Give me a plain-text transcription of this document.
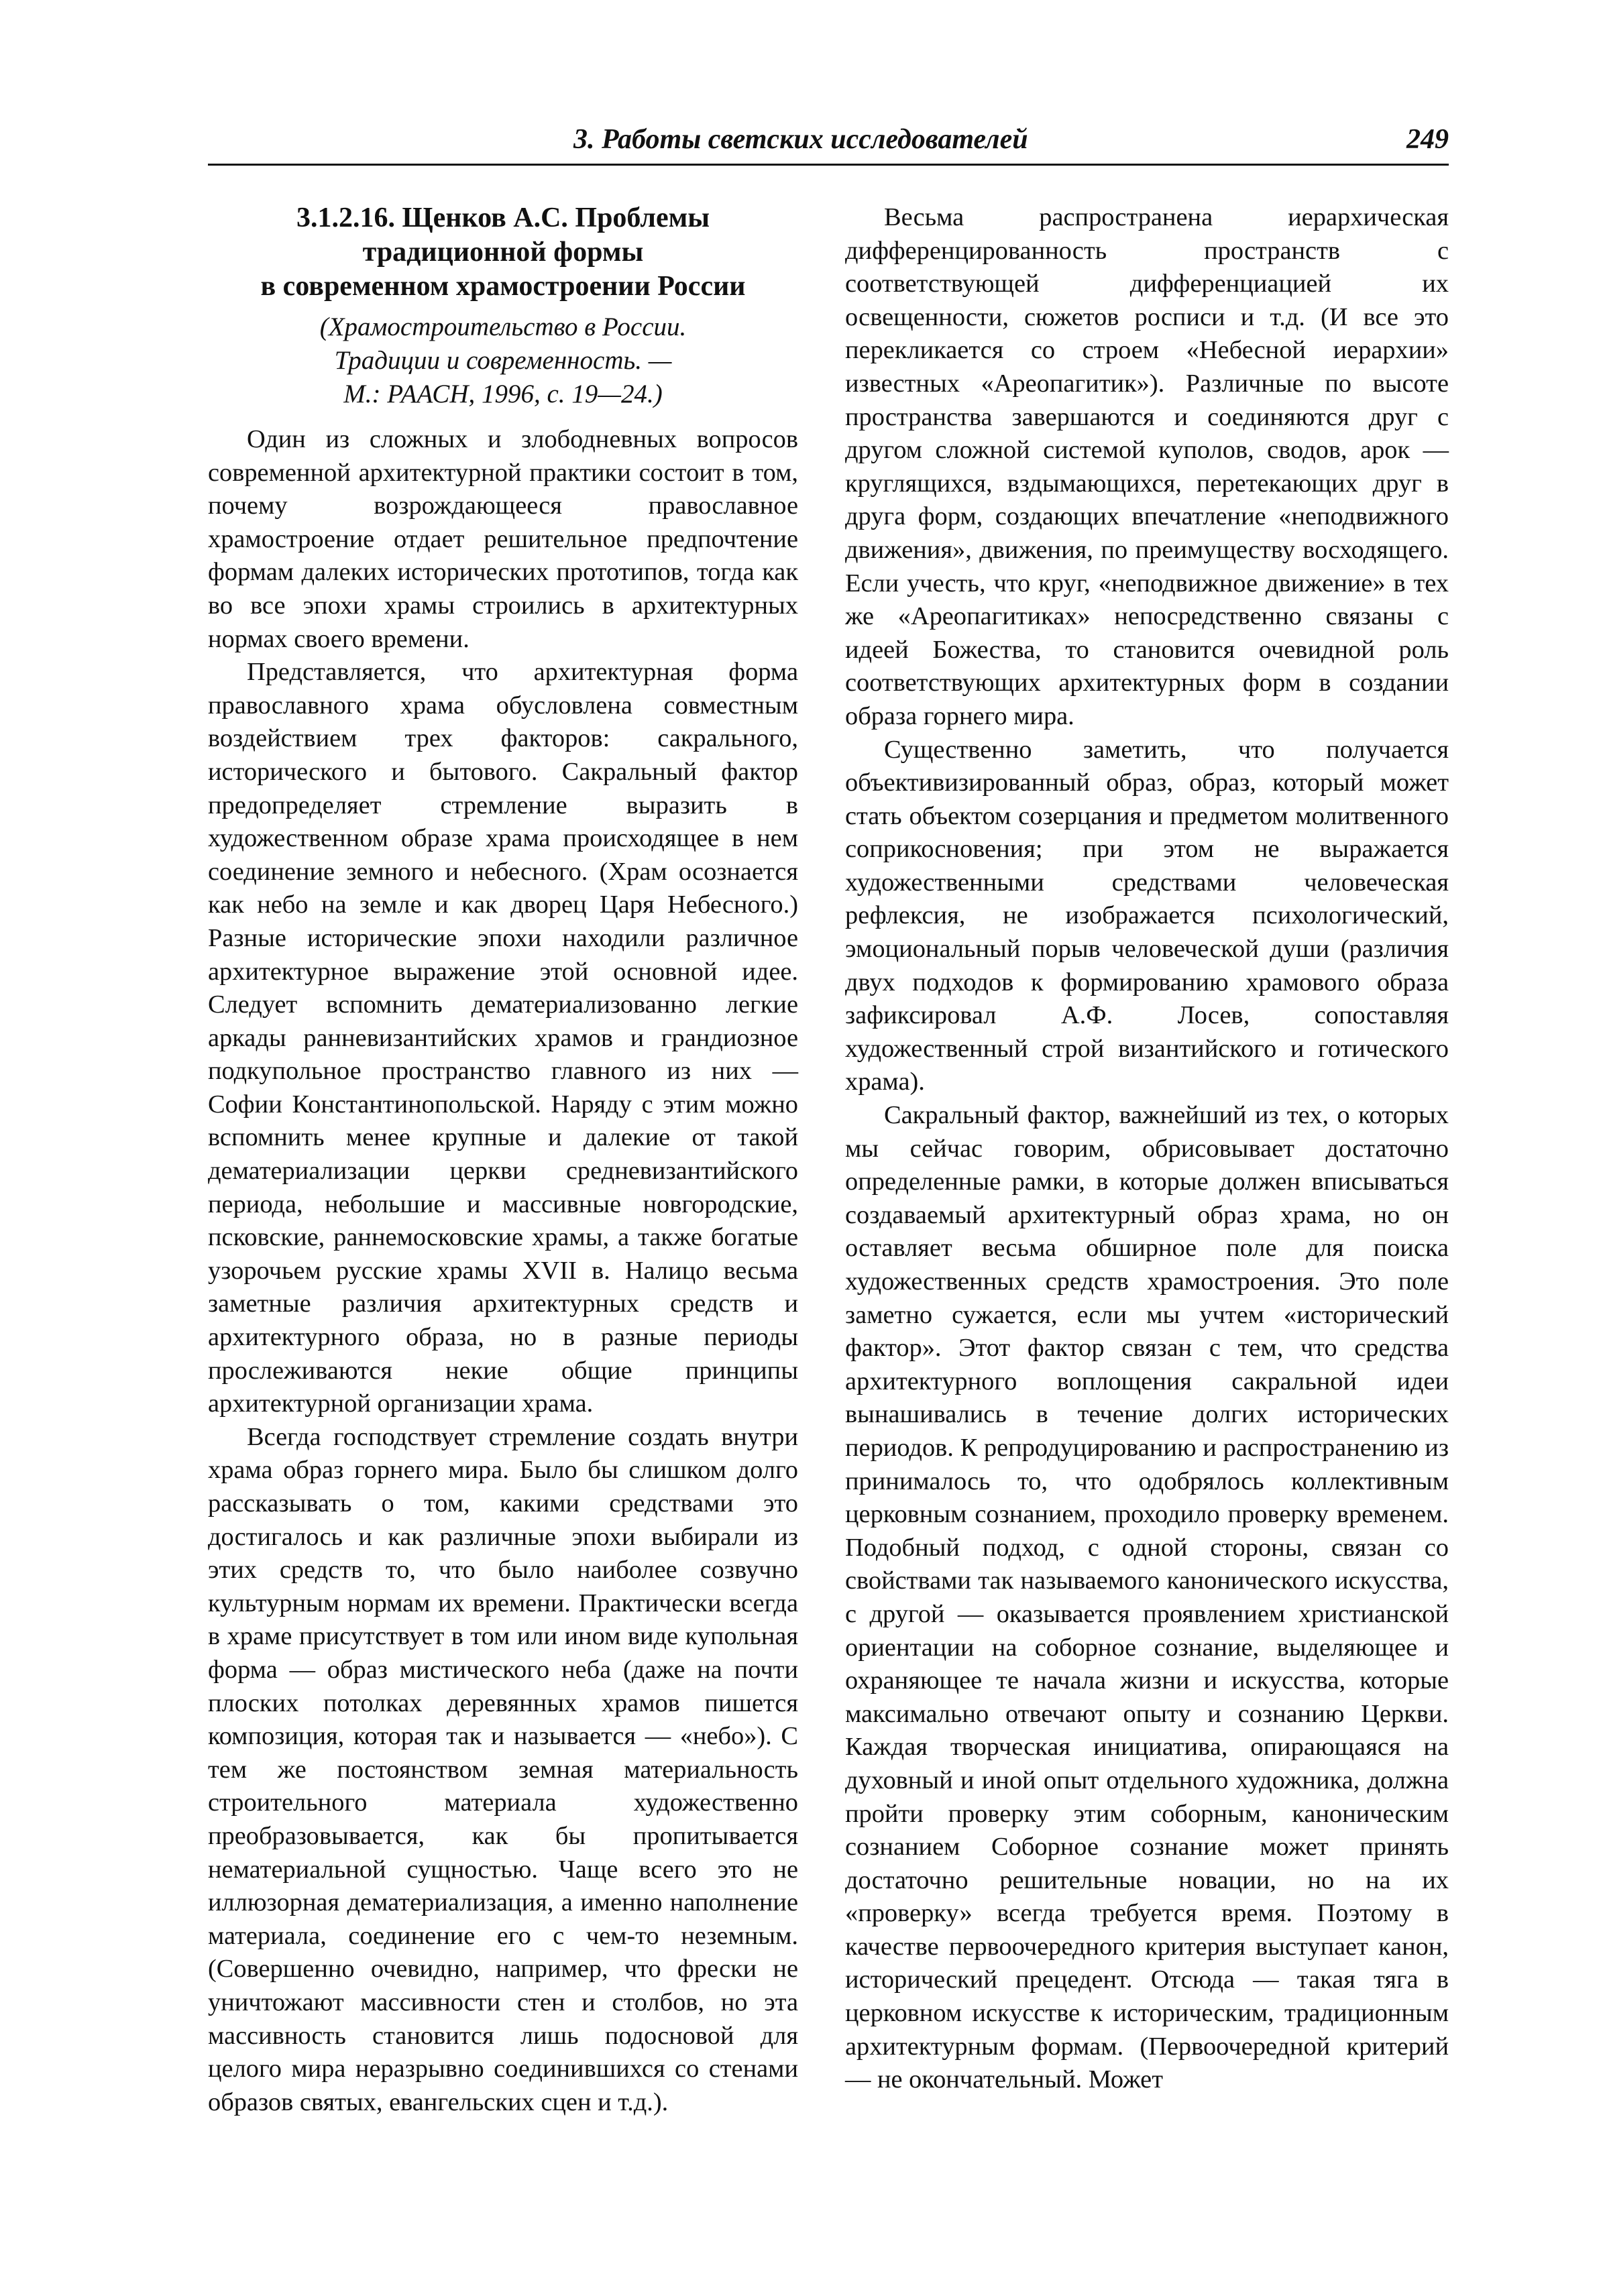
3. Работы светских исследователей	249
3.1.2.16. Щенков А.С. Проблемы
традиционной формы
в современном храмостроении России
(Храмостроительство в России.
Традиции и современность. —
М.: РААСН, 1996, с. 19—24.)

Один из сложных и злободневных вопросов современной архитектурной практики состоит в том, почему возрождающееся православное храмостроение отдает решительное предпочтение формам далеких исторических прототипов, тогда как во все эпохи храмы строились в архитектурных нормах своего времени.

Представляется, что архитектурная форма православного храма обусловлена совместным воздействием трех факторов: сакрального, исторического и бытового. Сакральный фактор предопределяет стремление выразить в художественном образе храма происходящее в нем соединение земного и небесного. (Храм осознается как небо на земле и как дворец Царя Небесного.) Разные исторические эпохи находили различное архитектурное выражение этой основной идее. Следует вспомнить дематериализованно легкие аркады ранневизантийских храмов и грандиозное подкупольное пространство главного из них — Софии Константинопольской. Наряду с этим можно вспомнить менее крупные и далекие от такой дематериализации церкви средневизантийского периода, небольшие и массивные новгородские, псковские, раннемосковские храмы, а также богатые узорочьем русские храмы XVII в. Налицо весьма заметные различия архитектурных средств и архитектурного образа, но в разные периоды прослеживаются некие общие принципы архитектурной организации храма.

Всегда господствует стремление создать внутри храма образ горнего мира. Было бы слишком долго рассказывать о том, какими средствами это достигалось и как различные эпохи выбирали из этих средств то, что было наиболее созвучно культурным нормам их времени. Практически всегда в храме присутствует в том или ином виде купольная форма — образ мистического неба (даже на почти плоских потолках деревянных храмов пишется композиция, которая так и называется — «небо»). С тем же постоянством земная материальность строительного материала художественно преобразовывается, как бы пропитывается нематериальной сущностью. Чаще всего это не иллюзорная дематериализация, а именно наполнение материала, соединение его с чем-то неземным. (Совершенно очевидно, например, что фрески не уничтожают массивности стен и столбов, но эта массивность становится лишь подосновой для целого мира неразрывно соединившихся со стенами образов святых, евангельских сцен и т.д.).

Весьма распространена иерархическая дифференцированность пространств с соответствующей дифференциацией их освещенности, сюжетов росписи и т.д. (И все это перекликается со строем «Небесной иерархии» известных «Ареопагитик»). Различные по высоте пространства завершаются и соединяются друг с другом сложной системой куполов, сводов, арок — круглящихся, вздымающихся, перетекающих друг в друга форм, создающих впечатление «неподвижного движения», движения, по преимуществу восходящего. Если учесть, что круг, «неподвижное движение» в тех же «Ареопагитиках» непосредственно связаны с идеей Божества, то становится очевидной роль соответствующих архитектурных форм в создании образа горнего мира.

Существенно заметить, что получается объективизированный образ, образ, который может стать объектом созерцания и предметом молитвенного соприкосновения; при этом не выражается художественными средствами человеческая рефлексия, не изображается психологический, эмоциональный порыв человеческой души (различия двух подходов к формированию храмового образа зафиксировал А.Ф. Лосев, сопоставляя художественный строй византийского и готического храма).

Сакральный фактор, важнейший из тех, о которых мы сейчас говорим, обрисовывает достаточно определенные рамки, в которые должен вписываться создаваемый архитектурный образ храма, но он оставляет весьма обширное поле для поиска художественных средств храмостроения. Это поле заметно сужается, если мы учтем «исторический фактор». Этот фактор связан с тем, что средства архитектурного воплощения сакральной идеи вынашивались в течение долгих исторических периодов. К репродуцированию и распространению из принималось то, что одобрялось коллективным церковным сознанием, проходило проверку временем. Подобный подход, с одной стороны, связан со свойствами так называемого канонического искусства, с другой — оказывается проявлением христианской ориентации на соборное сознание, выделяющее и охраняющее те начала жизни и искусства, которые максимально отвечают опыту и сознанию Церкви. Каждая творческая инициатива, опирающаяся на духовный и иной опыт отдельного художника, должна пройти проверку этим соборным, каноническим сознанием Соборное сознание может принять достаточно решительные новации, но на их «проверку» всегда требуется время. Поэтому в качестве первоочередного критерия выступает канон, исторический прецедент. Отсюда — такая тяга в церковном искусстве к историческим, традиционным архитектурным формам. (Первоочередной критерий — не окончательный. Может
